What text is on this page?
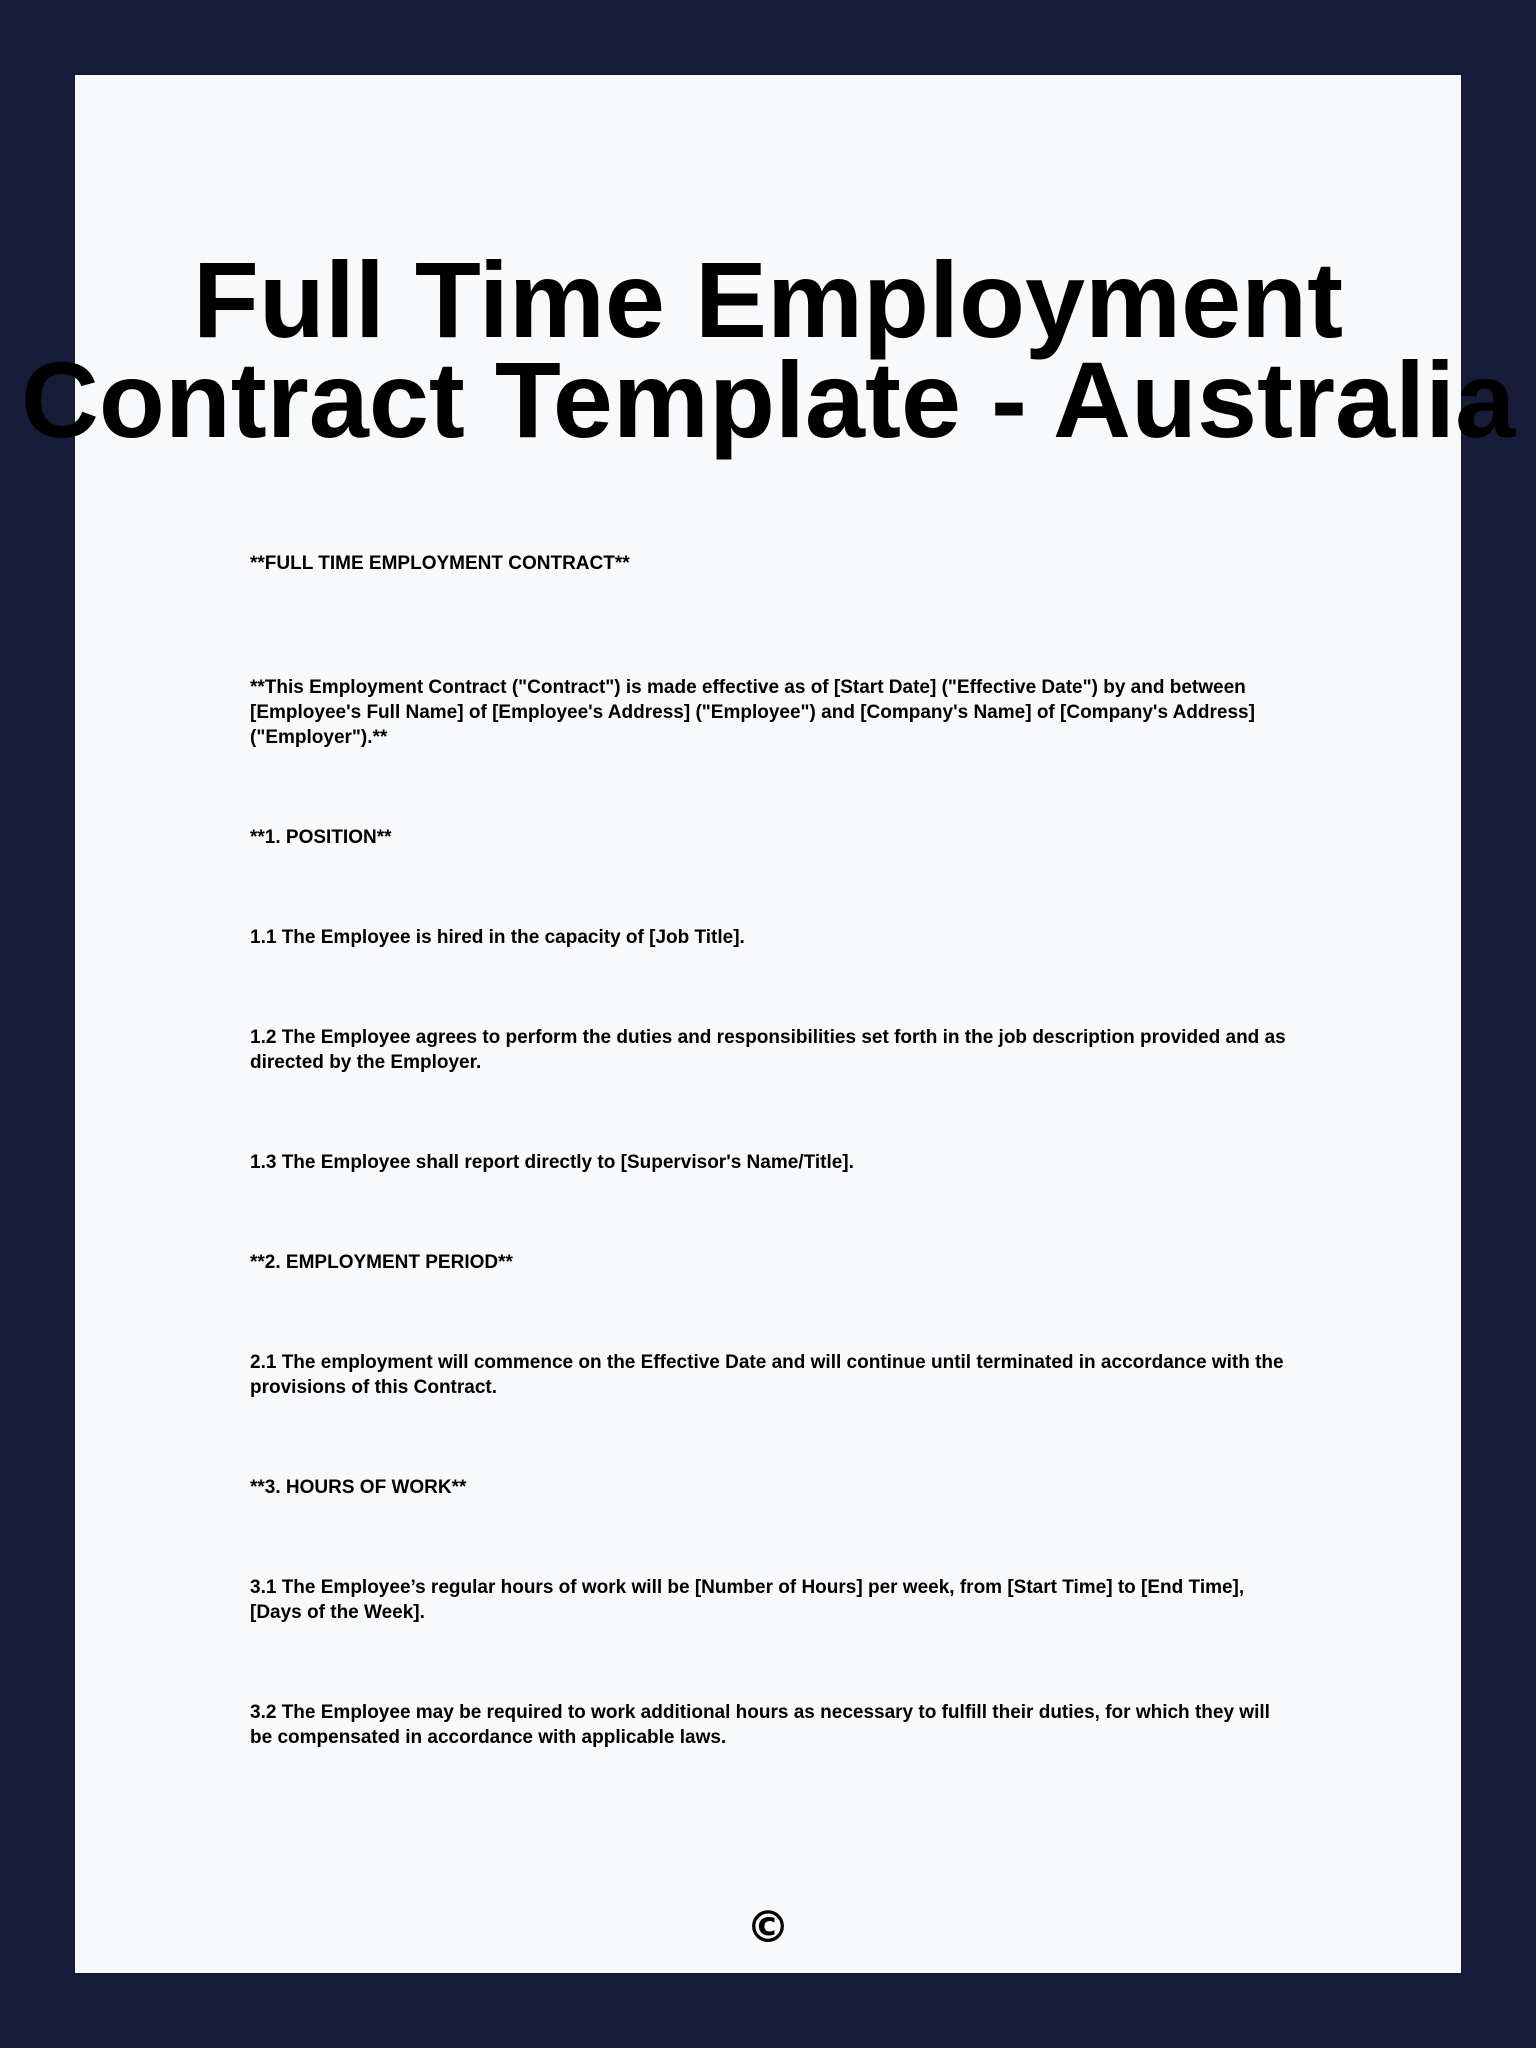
Full Time Employment
Contract Template - Australia

**FULL TIME EMPLOYMENT CONTRACT**

**This Employment Contract ("Contract") is made effective as of [Start Date] ("Effective Date") by and between [Employee's Full Name] of [Employee's Address] ("Employee") and [Company's Name] of [Company's Address] ("Employer").**

**1. POSITION**

1.1 The Employee is hired in the capacity of [Job Title].

1.2 The Employee agrees to perform the duties and responsibilities set forth in the job description provided and as directed by the Employer.

1.3 The Employee shall report directly to [Supervisor's Name/Title].

**2. EMPLOYMENT PERIOD**

2.1 The employment will commence on the Effective Date and will continue until terminated in accordance with the provisions of this Contract.

**3. HOURS OF WORK**

3.1 The Employee’s regular hours of work will be [Number of Hours] per week, from [Start Time] to [End Time], [Days of the Week].

3.2 The Employee may be required to work additional hours as necessary to fulfill their duties, for which they will be compensated in accordance with applicable laws.

©
